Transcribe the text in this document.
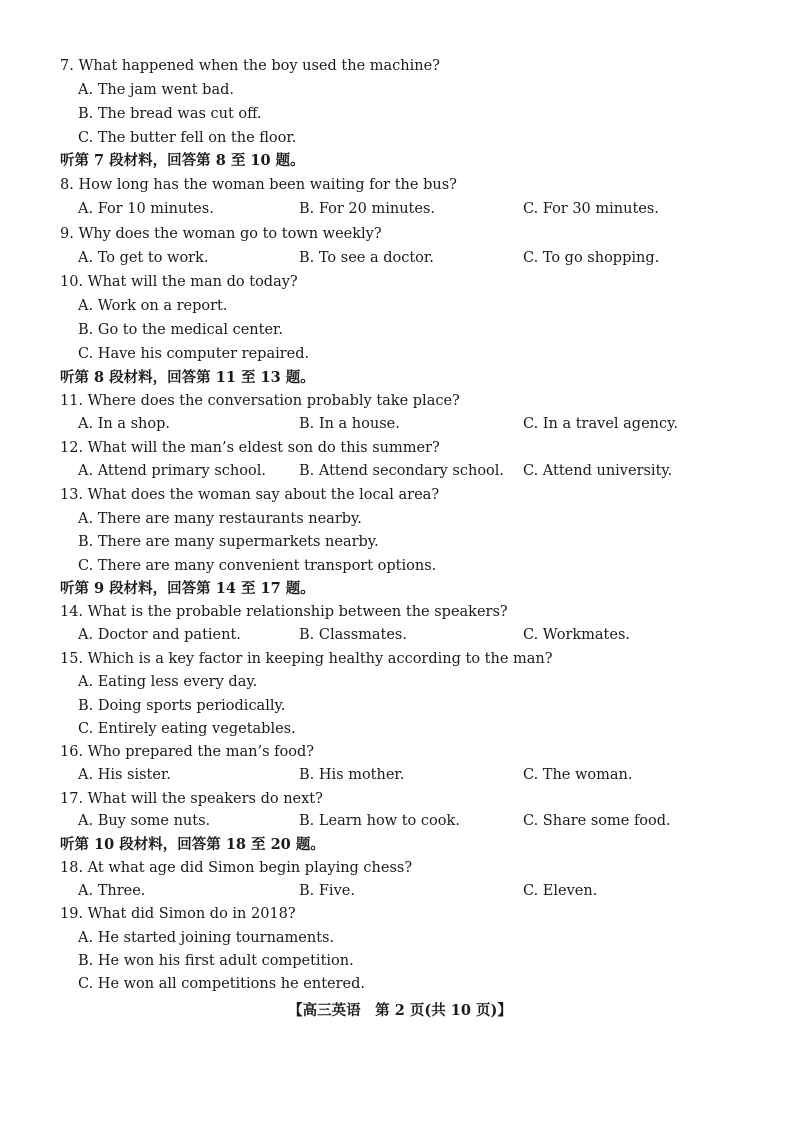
7. What happened when the boy used the machine?
A. The jam went bad.
B. The bread was cut off.
C. The butter fell on the floor.
听第 7 段材料，回答第 8 至 10 题。
8. How long has the woman been waiting for the bus?
A. For 10 minutes.	B. For 20 minutes.	C. For 30 minutes.
9. Why does the woman go to town weekly?
A. To get to work.	B. To see a doctor.	C. To go shopping.
10. What will the man do today?
A. Work on a report.
B. Go to the medical center.
C. Have his computer repaired.
听第 8 段材料，回答第 11 至 13 题。
11. Where does the conversation probably take place?
A. In a shop.	B. In a house.	C. In a travel agency.
12. What will the man’s eldest son do this summer?
A. Attend primary school. B. Attend secondary school. C. Attend university.
13. What does the woman say about the local area?
A. There are many restaurants nearby.
B. There are many supermarkets nearby.
C. There are many convenient transport options.
听第 9 段材料，回答第 14 至 17 题。
14. What is the probable relationship between the speakers?
A. Doctor and patient.	B. Classmates.	C. Workmates.
15. Which is a key factor in keeping healthy according to the man?
A. Eating less every day.
B. Doing sports periodically.
C. Entirely eating vegetables.
16. Who prepared the man’s food?
A. His sister.	B. His mother.	C. The woman.
17. What will the speakers do next?
A. Buy some nuts.	B. Learn how to cook.	C. Share some food.
听第 10 段材料，回答第 18 至 20 题。
18. At what age did Simon begin playing chess?
A. Three.	B. Five.	C. Eleven.
19. What did Simon do in 2018?
A. He started joining tournaments.
B. He won his first adult competition.
C. He won all competitions he entered.
【高三英语　第 2 页(共 10 页)】
